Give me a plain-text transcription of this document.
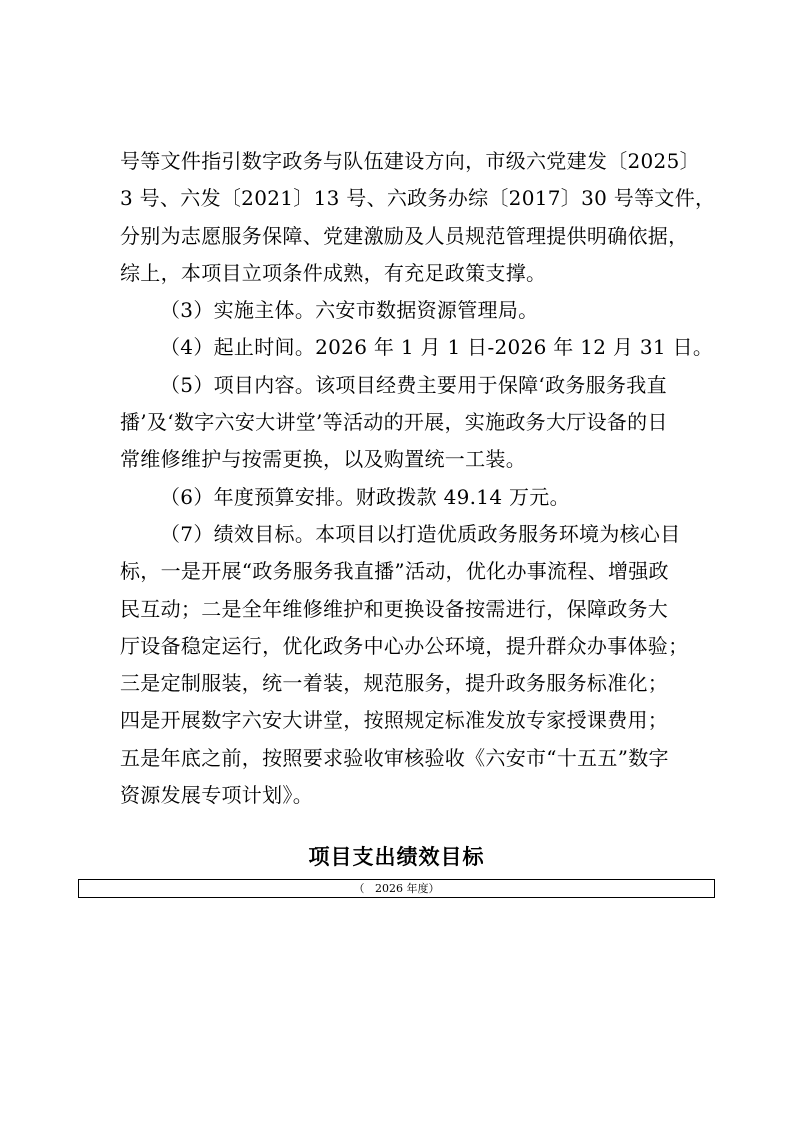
号等文件指引数字政务与队伍建设方向，市级六党建发〔2025〕
3 号、六发〔2021〕13 号、六政务办综〔2017〕30 号等文件，
分别为志愿服务保障、党建激励及人员规范管理提供明确依据，
综上，本项目立项条件成熟，有充足政策支撑。
（3）实施主体。六安市数据资源管理局。
（4）起止时间。2026 年 1 月 1 日-2026 年 12 月 31 日。
（5）项目内容。该项目经费主要用于保障‘政务服务我直
播’及‘数字六安大讲堂’等活动的开展，实施政务大厅设备的日
常维修维护与按需更换，以及购置统一工装。
（6）年度预算安排。财政拨款 49.14 万元。
（7）绩效目标。本项目以打造优质政务服务环境为核心目
标，一是开展“政务服务我直播”活动，优化办事流程、增强政
民互动；二是全年维修维护和更换设备按需进行，保障政务大
厅设备稳定运行，优化政务中心办公环境，提升群众办事体验；
三是定制服装，统一着装，规范服务，提升政务服务标准化；
四是开展数字六安大讲堂，按照规定标准发放专家授课费用；
五是年底之前，按照要求验收审核验收《六安市“十五五”数字
资源发展专项计划》。
项目支出绩效目标
（   2026 年度）
